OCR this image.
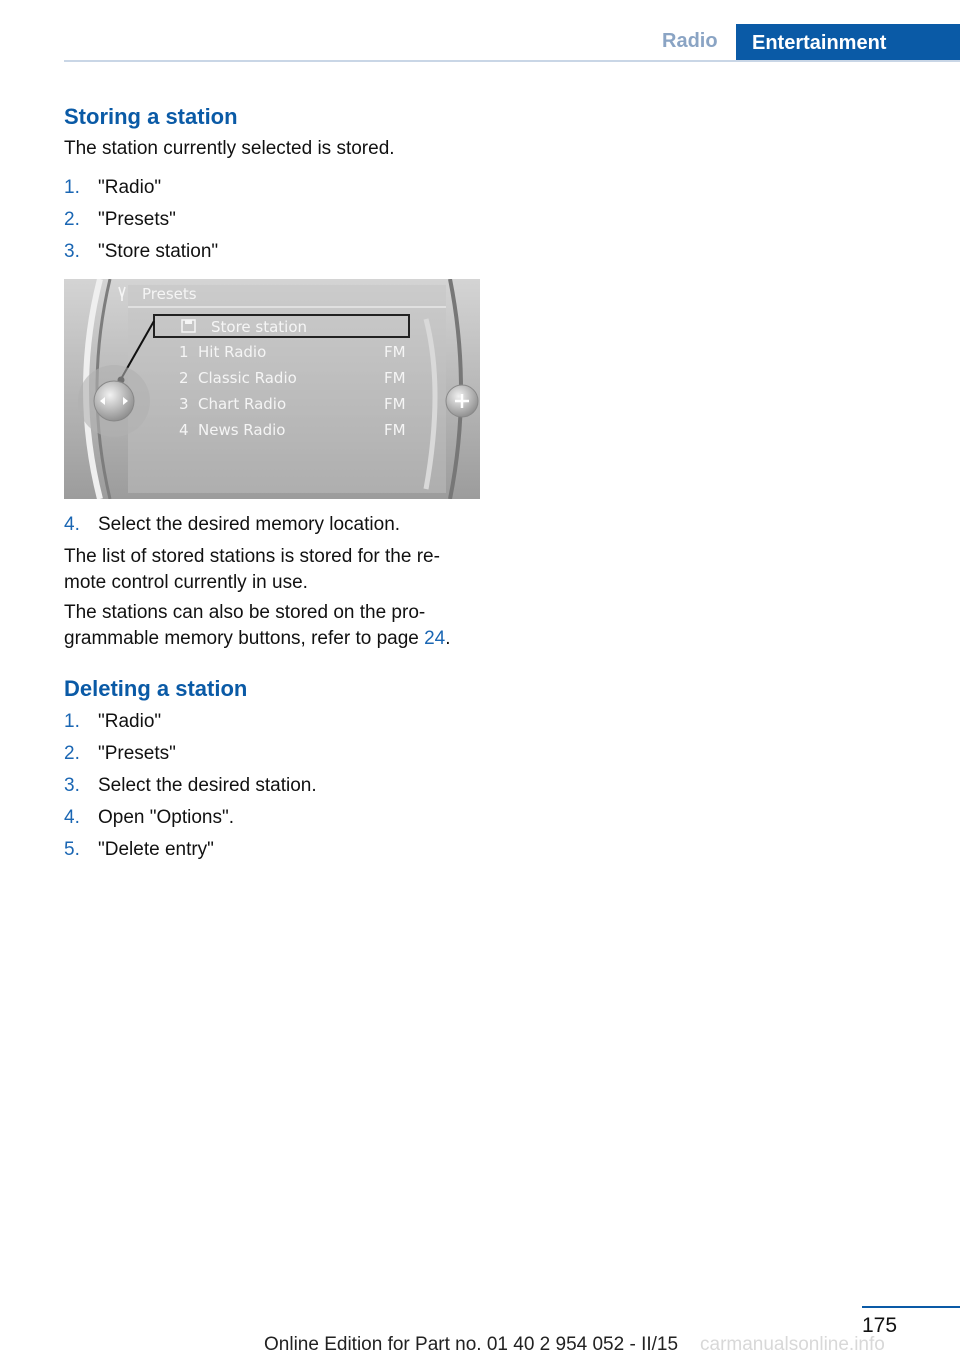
Radio	Entertainment
Storing a station
The station currently selected is stored.
1. "Radio"
2. "Presets"
3. "Store station"
Presets
Store station
1 Hit Radio	FM
2 Classic Radio	FM
3 Chart Radio	FM
4 News Radio	FM
4. Select the desired memory location.
The list of stored stations is stored for the re-
mote control currently in use.
The stations can also be stored on the pro-
grammable memory buttons, refer to page 24.
Deleting a station
1. "Radio"
2. "Presets"
3. Select the desired station.
4. Open "Options".
5. "Delete entry"
175
Online Edition for Part no. 01 40 2 954 052 - II/15 carmanualsonline.info
